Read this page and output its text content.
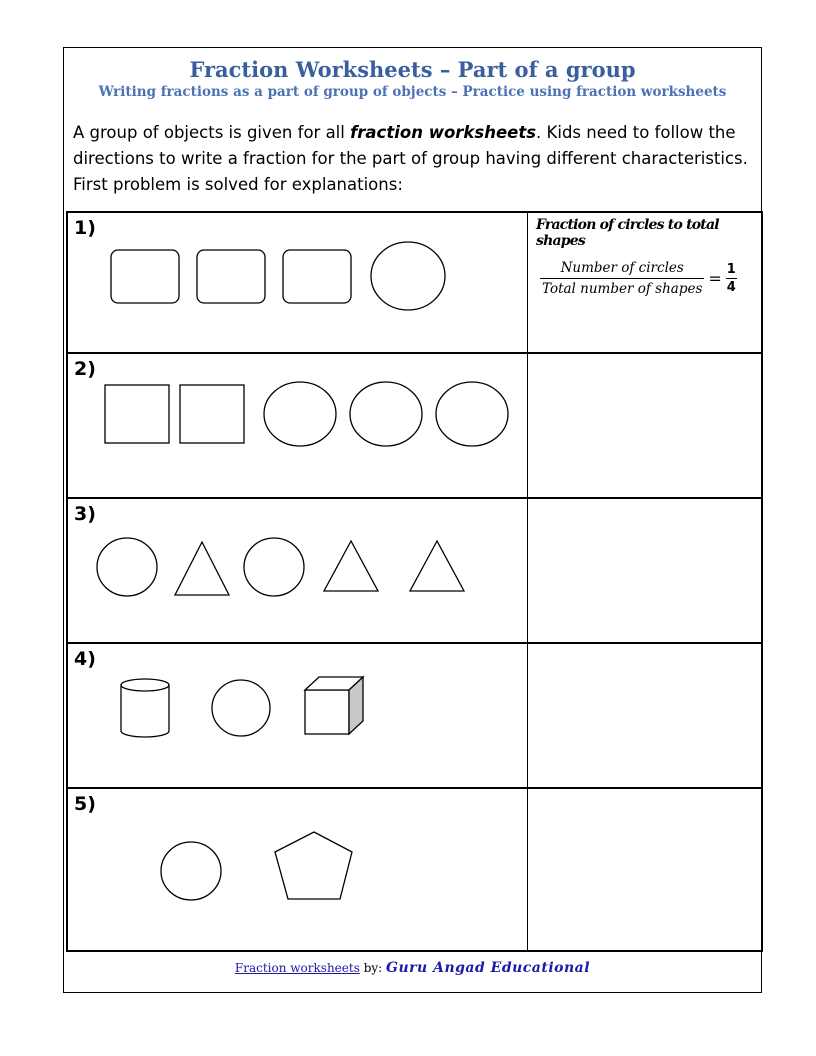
Fraction Worksheets – Part of a group
Writing fractions as a part of group of objects – Practice using fraction worksheets
A group of objects is given for all fraction worksheets. Kids need to follow the directions to write a fraction for the part of group having different characteristics. First problem is solved for explanations:
1)	Fraction of circles to total shapes
$\frac{\text{Number of circles}}{\text{Total number of shapes}} = \frac{1}{4}$
2)
3)
4)
5)
Fraction worksheets by: Guru Angad Educational
